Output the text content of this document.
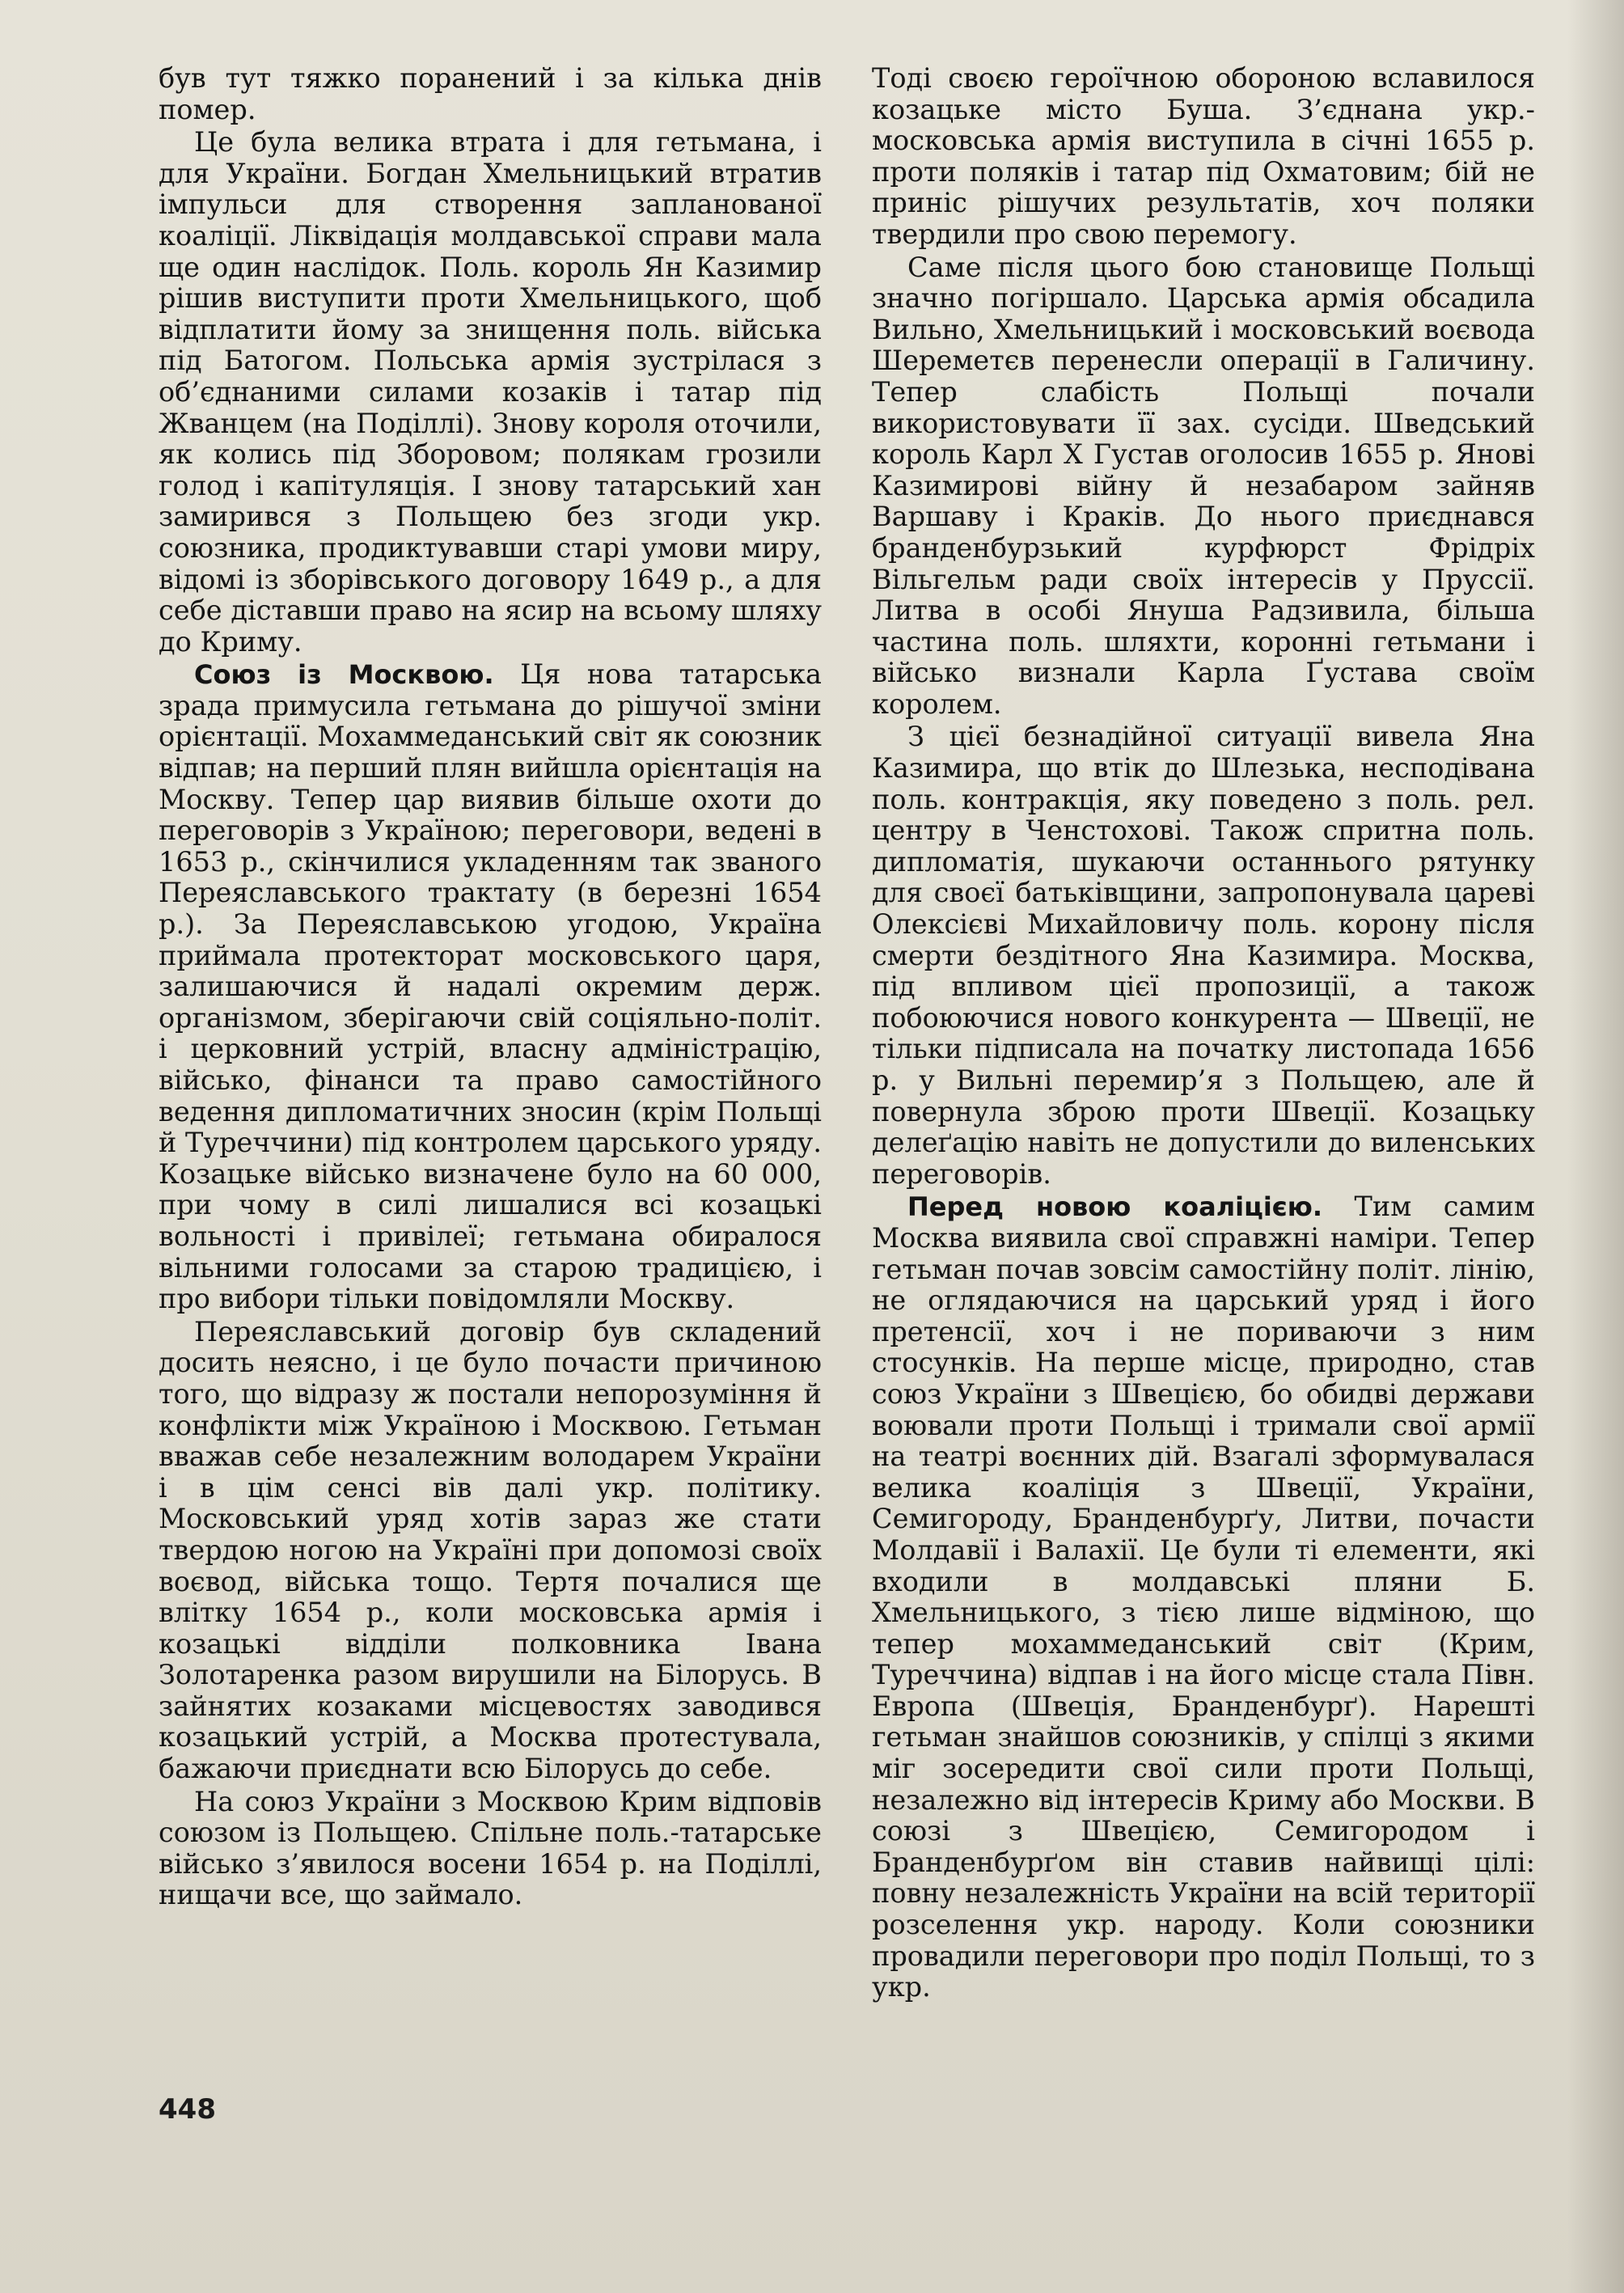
був тут тяжко поранений і за кілька днів помер.

Це була велика втрата і для гетьмана, і для України. Богдан Хмельницький втратив імпульси для створення запланованої коаліції. Ліквідація молдавської справи мала ще один наслідок. Поль. король Ян Казимир рішив виступити проти Хмельницького, щоб відплатити йому за знищення поль. війська під Батогом. Польська армія зустрілася з об’єднаними силами козаків і татар під Жванцем (на Поділлі). Знову короля оточили, як колись під Зборовом; полякам грозили голод і капітуляція. І знову татарський хан замирився з Польщею без згоди укр. союзника, продиктувавши старі умови миру, відомі із зборівського договору 1649 р., а для себе діставши право на ясир на всьому шляху до Криму.

Союз із Москвою. Ця нова татарська зрада примусила гетьмана до рішучої зміни орієнтації. Мохаммеданський світ як союзник відпав; на перший плян вийшла орієнтація на Москву. Тепер цар виявив більше охоти до переговорів з Україною; переговори, ведені в 1653 р., скінчилися укладенням так званого Переяславського трактату (в березні 1654 р.). За Переяславською угодою, Україна приймала протекторат московського царя, залишаючися й надалі окремим держ. організмом, зберігаючи свій соціяльно-політ. і церковний устрій, власну адміністрацію, військо, фінанси та право самостійного ведення дипломатичних зносин (крім Польщі й Туреччини) під контролем царського уряду. Козацьке військо визначене було на 60 000, при чому в силі лишалися всі козацькі вольності і привілеї; гетьмана обиралося вільними голосами за старою традицією, і про вибори тільки повідомляли Москву.

Переяславський договір був складений досить неясно, і це було почасти причиною того, що відразу ж постали непорозуміння й конфлікти між Україною і Москвою. Гетьман вважав себе незалежним володарем України і в цім сенсі вів далі укр. політику. Московський уряд хотів зараз же стати твердою ногою на Україні при допомозі своїх воєвод, війська тощо. Тертя почалися ще влітку 1654 р., коли московська армія і козацькі відділи полковника Івана Золотаренка разом вирушили на Білорусь. В зайнятих козаками місцевостях заводився козацький устрій, а Москва протестувала, бажаючи приєднати всю Білорусь до себе.

На союз України з Москвою Крим відповів союзом із Польщею. Спільне поль.-татарське військо з’явилося восени 1654 р. на Поділлі, нищачи все, що займало.

Тоді своєю героїчною обороною вславилося козацьке місто Буша. З’єднана укр.-московська армія виступила в січні 1655 р. проти поляків і татар під Охматовим; бій не приніс рішучих результатів, хоч поляки твердили про свою перемогу.

Саме після цього бою становище Польщі значно погіршало. Царська армія обсадила Вильно, Хмельницький і московський воєвода Шереметєв перенесли операції в Галичину. Тепер слабість Польщі почали використовувати її зах. сусіди. Шведський король Карл X Густав оголосив 1655 р. Янові Казимирові війну й незабаром зайняв Варшаву і Краків. До нього приєднався бранденбурзький курфюрст Фрідріх Вільгельм ради своїх інтересів у Пруссії. Литва в особі Януша Радзивила, більша частина поль. шляхти, коронні гетьмани і військо визнали Карла Ґустава своїм королем.

З цієї безнадійної ситуації вивела Яна Казимира, що втік до Шлезька, несподівана поль. контракція, яку поведено з поль. рел. центру в Ченстохові. Також спритна поль. дипломатія, шукаючи останнього рятунку для своєї батьківщини, запропонувала цареві Олексієві Михайловичу поль. корону після смерти бездітного Яна Казимира. Москва, під впливом цієї пропозиції, а також побоюючися нового конкурента — Швеції, не тільки підписала на початку листопада 1656 р. у Вильні перемир’я з Польщею, але й повернула зброю проти Швеції. Козацьку делеґацію навіть не допустили до виленських переговорів.

Перед новою коаліцією. Тим самим Москва виявила свої справжні наміри. Тепер гетьман почав зовсім самостійну політ. лінію, не оглядаючися на царський уряд і його претенсії, хоч і не пориваючи з ним стосунків. На перше місце, природно, став союз України з Швецією, бо обидві держави воювали проти Польщі і тримали свої армії на театрі воєнних дій. Взагалі зформувалася велика коаліція з Швеції, України, Семигороду, Бранденбурґу, Литви, почасти Молдавії і Валахії. Це були ті елементи, які входили в молдавські пляни Б. Хмельницького, з тією лише відміною, що тепер мохаммеданський світ (Крим, Туреччина) відпав і на його місце стала Півн. Европа (Швеція, Бранденбурґ). Нарешті гетьман знайшов союзників, у спілці з якими міг зосередити свої сили проти Польщі, незалежно від інтересів Криму або Москви. В союзі з Швецією, Семигородом і Бранденбурґом він ставив найвищі цілі: повну незалежність України на всій території розселення укр. народу. Коли союзники провадили переговори про поділ Польщі, то з укр.

448
